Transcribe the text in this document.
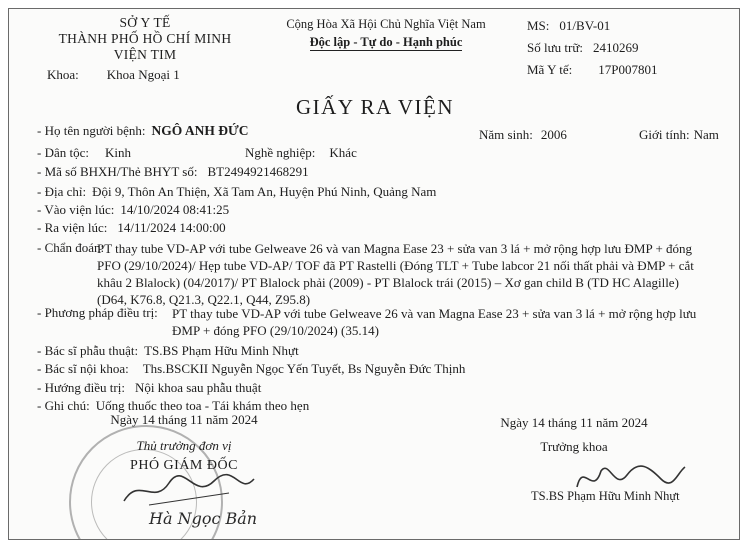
SỞ Y TẾ
THÀNH PHỐ HỒ CHÍ MINH
VIỆN TIM
Khoa: Khoa Ngoại 1
Cộng Hòa Xã Hội Chủ Nghĩa Việt Nam
Độc lập - Tự do - Hạnh phúc
MS: 01/BV-01
Số lưu trữ: 2410269
Mã Y tế: 17P007801
GIẤY RA VIỆN
- Họ tên người bệnh: NGÔ ANH ĐỨC	Năm sinh: 2006	Giới tính: Nam
- Dân tộc: Kinh	Nghề nghiệp: Khác
- Mã số BHXH/Thẻ BHYT số: BT2494921468291
- Địa chỉ: Đội 9, Thôn An Thiện, Xã Tam An, Huyện Phú Ninh, Quảng Nam
- Vào viện lúc: 14/10/2024 08:41:25
- Ra viện lúc: 14/11/2024 14:00:00
- Chẩn đoán:
PT thay tube VD-AP với tube Gelweave 26 và van Magna Ease 23 + sửa van 3 lá + mở rộng hợp lưu ĐMP + đóng PFO (29/10/2024)/ Hẹp tube VD-AP/ TOF đã PT Rastelli (Đóng TLT + Tube labcor 21 nối thất phải và ĐMP + cắt khâu 2 Blalock) (04/2017)/ PT Blalock phải (2009) - PT Blalock trái (2015) – Xơ gan child B (TD HC Alagille) (D64, K76.8, Q21.3, Q22.1, Q44, Z95.8)
- Phương pháp điều trị: PT thay tube VD-AP với tube Gelweave 26 và van Magna Ease 23 + sửa van 3 lá + mở rộng hợp lưu ĐMP + đóng PFO (29/10/2024) (35.14)
- Bác sĩ phẫu thuật: TS.BS Phạm Hữu Minh Nhựt
- Bác sĩ nội khoa: Ths.BSCKII Nguyễn Ngọc Yến Tuyết, Bs Nguyễn Đức Thịnh
- Hướng điều trị: Nội khoa sau phẫu thuật
- Ghi chú: Uống thuốc theo toa - Tái khám theo hẹn
Ngày 14 tháng 11 năm 2024
Thủ trưởng đơn vị
PHÓ GIÁM ĐỐC
Hà Ngọc Bản
Ngày 14 tháng 11 năm 2024
Trưởng khoa
TS.BS Phạm Hữu Minh Nhựt
